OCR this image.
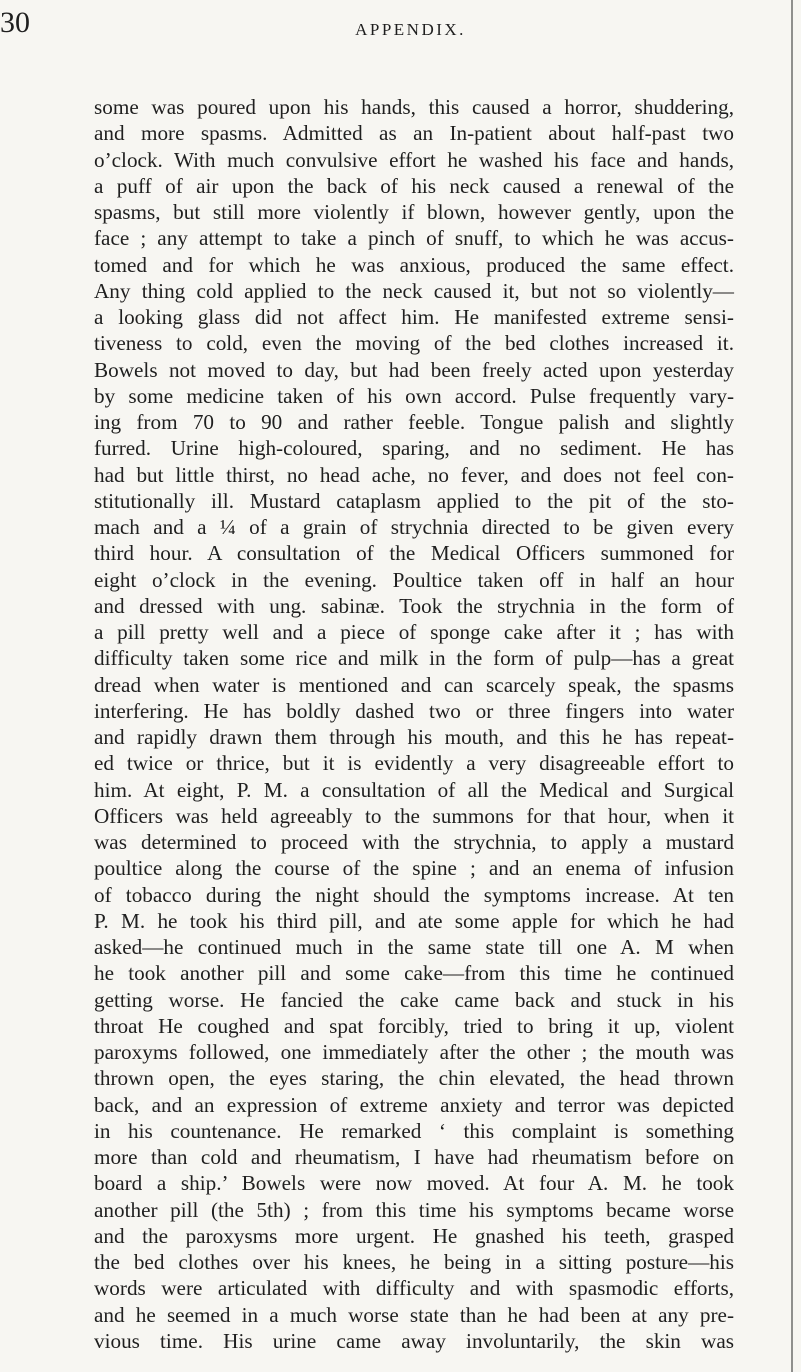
30	APPENDIX.
some was poured upon his hands, this caused a horror, shuddering,
and more spasms. Admitted as an In-patient about half-past two
o’clock. With much convulsive effort he washed his face and hands,
a puff of air upon the back of his neck caused a renewal of the
spasms, but still more violently if blown, however gently, upon the
face ; any attempt to take a pinch of snuff, to which he was accus-
tomed and for which he was anxious, produced the same effect.
Any thing cold applied to the neck caused it, but not so violently—
a looking glass did not affect him. He manifested extreme sensi-
tiveness to cold, even the moving of the bed clothes increased it.
Bowels not moved to day, but had been freely acted upon yesterday
by some medicine taken of his own accord. Pulse frequently vary-
ing from 70 to 90 and rather feeble. Tongue palish and slightly
furred. Urine high-coloured, sparing, and no sediment. He has
had but little thirst, no head ache, no fever, and does not feel con-
stitutionally ill. Mustard cataplasm applied to the pit of the sto-
mach and a ¼ of a grain of strychnia directed to be given every
third hour. A consultation of the Medical Officers summoned for
eight o’clock in the evening. Poultice taken off in half an hour
and dressed with ung. sabinæ. Took the strychnia in the form of
a pill pretty well and a piece of sponge cake after it ; has with
difficulty taken some rice and milk in the form of pulp—has a great
dread when water is mentioned and can scarcely speak, the spasms
interfering. He has boldly dashed two or three fingers into water
and rapidly drawn them through his mouth, and this he has repeat-
ed twice or thrice, but it is evidently a very disagreeable effort to
him. At eight, P. M. a consultation of all the Medical and Surgical
Officers was held agreeably to the summons for that hour, when it
was determined to proceed with the strychnia, to apply a mustard
poultice along the course of the spine ; and an enema of infusion
of tobacco during the night should the symptoms increase. At ten
P. M. he took his third pill, and ate some apple for which he had
asked—he continued much in the same state till one A. M when
he took another pill and some cake—from this time he continued
getting worse. He fancied the cake came back and stuck in his
throat He coughed and spat forcibly, tried to bring it up, violent
paroxyms followed, one immediately after the other ; the mouth was
thrown open, the eyes staring, the chin elevated, the head thrown
back, and an expression of extreme anxiety and terror was depicted
in his countenance. He remarked ‘ this complaint is something
more than cold and rheumatism, I have had rheumatism before on
board a ship.’ Bowels were now moved. At four A. M. he took
another pill (the 5th) ; from this time his symptoms became worse
and the paroxysms more urgent. He gnashed his teeth, grasped
the bed clothes over his knees, he being in a sitting posture—his
words were articulated with difficulty and with spasmodic efforts,
and he seemed in a much worse state than he had been at any pre-
vious time. His urine came away involuntarily, the skin was
